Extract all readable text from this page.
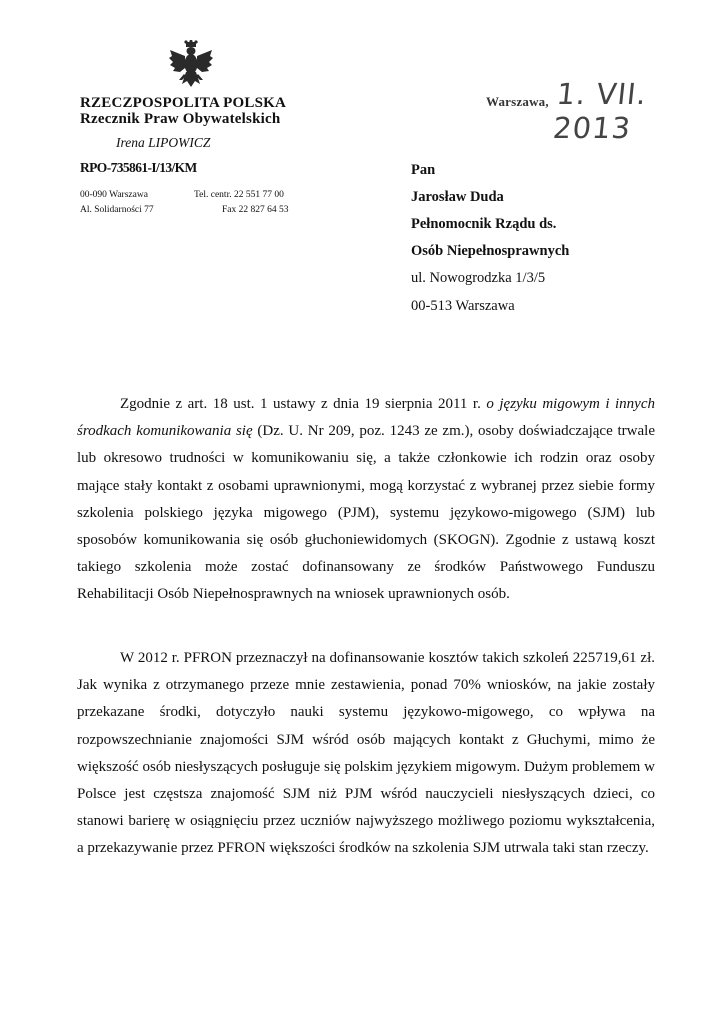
RZECZPOSPOLITA POLSKA
Rzecznik Praw Obywatelskich
Irena LIPOWICZ
RPO-735861-I/13/KM
00-090 Warszawa
Al. Solidarności 77
Tel. centr. 22 551 77 00
Fax 22 827 64 53
Warszawa, 1. VII. 2013
Pan
Jarosław Duda
Pełnomocnik Rządu ds.
Osób Niepełnosprawnych
ul. Nowogrodzka 1/3/5
00-513 Warszawa

Zgodnie z art. 18 ust. 1 ustawy z dnia 19 sierpnia 2011 r. o języku migowym i innych środkach komunikowania się (Dz. U. Nr 209, poz. 1243 ze zm.), osoby doświadczające trwale lub okresowo trudności w komunikowaniu się, a także członkowie ich rodzin oraz osoby mające stały kontakt z osobami uprawnionymi, mogą korzystać z wybranej przez siebie formy szkolenia polskiego języka migowego (PJM), systemu językowo-migowego (SJM) lub sposobów komunikowania się osób głuchoniewidomych (SKOGN). Zgodnie z ustawą koszt takiego szkolenia może zostać dofinansowany ze środków Państwowego Funduszu Rehabilitacji Osób Niepełnosprawnych na wniosek uprawnionych osób.

W 2012 r. PFRON przeznaczył na dofinansowanie kosztów takich szkoleń 225719,61 zł. Jak wynika z otrzymanego przeze mnie zestawienia, ponad 70% wniosków, na jakie zostały przekazane środki, dotyczyło nauki systemu językowo-migowego, co wpływa na rozpowszechnianie znajomości SJM wśród osób mających kontakt z Głuchymi, mimo że większość osób niesłyszących posługuje się polskim językiem migowym. Dużym problemem w Polsce jest częstsza znajomość SJM niż PJM wśród nauczycieli niesłyszących dzieci, co stanowi barierę w osiągnięciu przez uczniów najwyższego możliwego poziomu wykształcenia, a przekazywanie przez PFRON większości środków na szkolenia SJM utrwala taki stan rzeczy.
